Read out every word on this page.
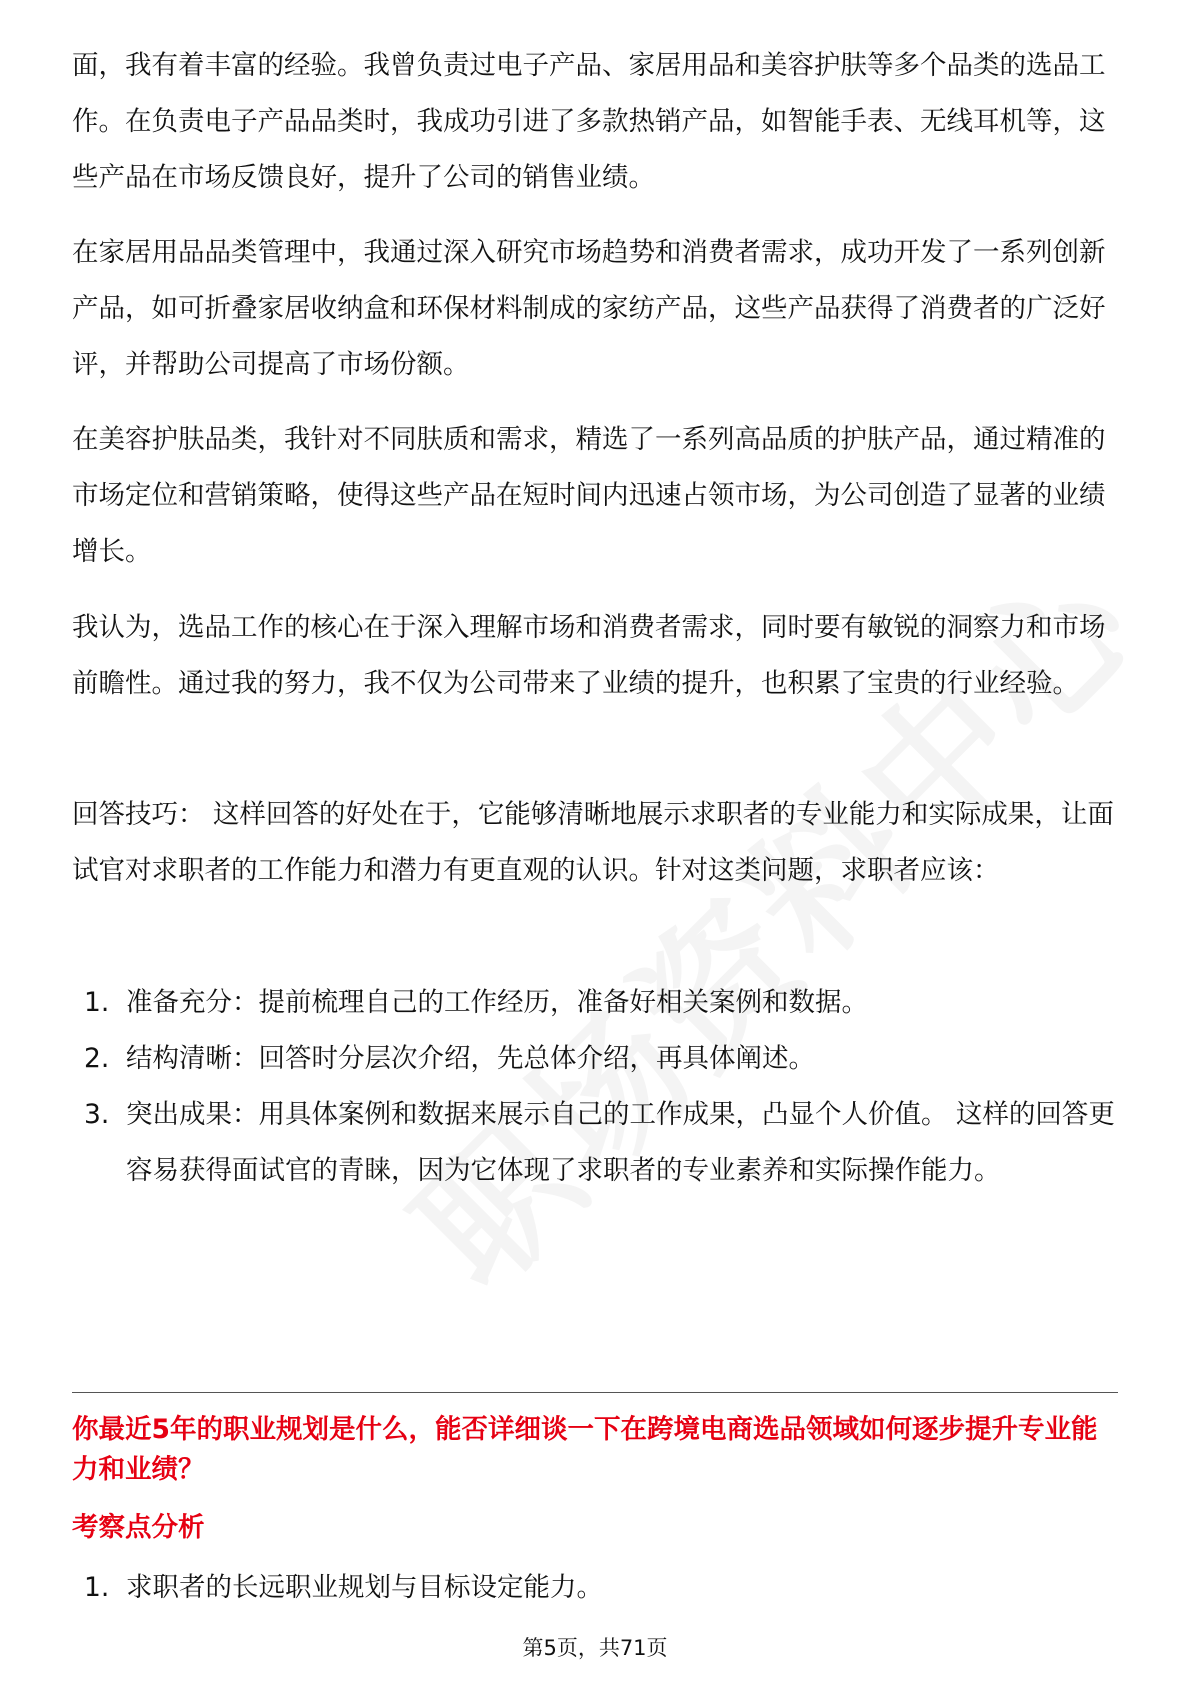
面，我有着丰富的经验。我曾负责过电子产品、家居用品和美容护肤等多个品类的选品工作。在负责电子产品品类时，我成功引进了多款热销产品，如智能手表、无线耳机等，这些产品在市场反馈良好，提升了公司的销售业绩。

在家居用品品类管理中，我通过深入研究市场趋势和消费者需求，成功开发了一系列创新产品，如可折叠家居收纳盒和环保材料制成的家纺产品，这些产品获得了消费者的广泛好评，并帮助公司提高了市场份额。

在美容护肤品类，我针对不同肤质和需求，精选了一系列高品质的护肤产品，通过精准的市场定位和营销策略，使得这些产品在短时间内迅速占领市场，为公司创造了显著的业绩增长。

我认为，选品工作的核心在于深入理解市场和消费者需求，同时要有敏锐的洞察力和市场前瞻性。通过我的努力，我不仅为公司带来了业绩的提升，也积累了宝贵的行业经验。

回答技巧： 这样回答的好处在于，它能够清晰地展示求职者的专业能力和实际成果，让面试官对求职者的工作能力和潜力有更直观的认识。针对这类问题，求职者应该：

1. 准备充分：提前梳理自己的工作经历，准备好相关案例和数据。
2. 结构清晰：回答时分层次介绍，先总体介绍，再具体阐述。
3. 突出成果：用具体案例和数据来展示自己的工作成果，凸显个人价值。 这样的回答更容易获得面试官的青睐，因为它体现了求职者的专业素养和实际操作能力。
你最近5年的职业规划是什么，能否详细谈一下在跨境电商选品领域如何逐步提升专业能力和业绩？
考察点分析
1. 求职者的长远职业规划与目标设定能力。
第5页，共71页
